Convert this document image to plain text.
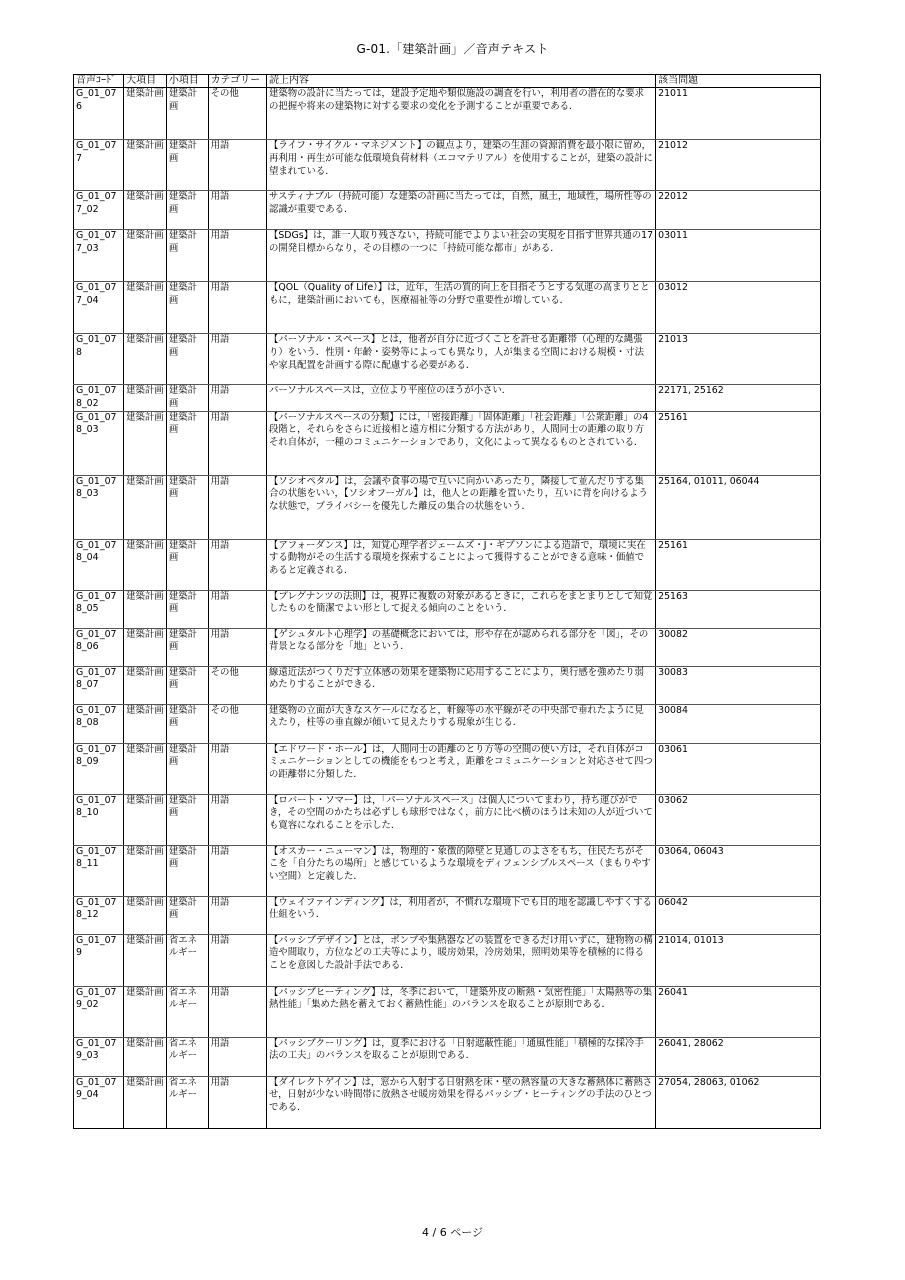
G-01.「建築計画」／音声テキスト
音声ｺｰﾄﾞ	大項目	小項目	カテゴリー	読上内容	該当問題
G_01_076	建築計画	建築計画	その他	建築物の設計に当たっては，建設予定地や類似施設の調査を行い，利用者の潜在的な要求の把握や将来の建築物に対する要求の変化を予測することが重要である．	21011
G_01_077	建築計画	建築計画	用語	【ライフ・サイクル・マネジメント】の観点より，建築の生涯の資源消費を最小限に留め，再利用・再生が可能な低環境負荷材料（エコマテリアル）を使用することが，建築の設計に望まれている．	21012
G_01_077_02	建築計画	建築計画	用語	サスティナブル（持続可能）な建築の計画に当たっては，自然，風土，地域性，場所性等の認識が重要である．	22012
G_01_077_03	建築計画	建築計画	用語	【SDGs】は，誰一人取り残さない，持続可能でよりよい社会の実現を目指す世界共通の17の開発目標からなり，その目標の一つに「持続可能な都市」がある．	03011
G_01_077_04	建築計画	建築計画	用語	【QOL（Quality of Life）】は，近年，生活の質的向上を目指そうとする気運の高まりとともに，建築計画においても，医療福祉等の分野で重要性が増している．	03012
G_01_078	建築計画	建築計画	用語	【パーソナル・スペース】とは，他者が自分に近づくことを許せる距離帯（心理的な縄張り）をいう．性別・年齢・姿勢等によっても異なり，人が集まる空間における規模・寸法や家具配置を計画する際に配慮する必要がある．	21013
G_01_078_02	建築計画	建築計画	用語	パーソナルスペースは，立位より平座位のほうが小さい．	22171, 25162
G_01_078_03	建築計画	建築計画	用語	【パーソナルスペースの分類】には，「密接距離」「固体距離」「社会距離」「公衆距離」の4段階と，それらをさらに近接相と遠方相に分類する方法があり，人間同士の距離の取り方それ自体が，一種のコミュニケーションであり，文化によって異なるものとされている．	25161
G_01_078_03	建築計画	建築計画	用語	【ソシオペタル】は，会議や食事の場で互いに向かいあったり，隣接して並んだりする集合の状態をいい，【ソシオフーガル】は，他人との距離を置いたり，互いに背を向けるような状態で，プライバシーを優先した離反の集合の状態をいう．	25164, 01011, 06044
G_01_078_04	建築計画	建築計画	用語	【アフォーダンス】は，知覚心理学者ジェームズ・J・ギブソンによる造語で，環境に実在する動物がその生活する環境を探索することによって獲得することができる意味・価値であると定義される．	25161
G_01_078_05	建築計画	建築計画	用語	【プレグナンツの法則】は，視界に複数の対象があるときに，これらをまとまりとして知覚したものを簡潔でよい形として捉える傾向のことをいう．	25163
G_01_078_06	建築計画	建築計画	用語	【ゲシュタルト心理学】の基礎概念においては，形や存在が認められる部分を「図」，その背景となる部分を「地」という．	30082
G_01_078_07	建築計画	建築計画	その他	線遠近法がつくりだす立体感の効果を建築物に応用することにより，奥行感を強めたり弱めたりすることができる．	30083
G_01_078_08	建築計画	建築計画	その他	建築物の立面が大きなスケールになると，軒線等の水平線がその中央部で垂れたように見えたり，柱等の垂直線が傾いて見えたりする現象が生じる．	30084
G_01_078_09	建築計画	建築計画	用語	【エドワード・ホール】は，人間同士の距離のとり方等の空間の使い方は，それ自体がコミュニケーションとしての機能をもつと考え，距離をコミュニケーションと対応させて四つの距離帯に分類した．	03061
G_01_078_10	建築計画	建築計画	用語	【ロバート・ソマー】は，「パーソナルスペース」は個人についてまわり，持ち運びができ，その空間のかたちは必ずしも球形ではなく，前方に比べ横のほうは未知の人が近づいても寛容になれることを示した．	03062
G_01_078_11	建築計画	建築計画	用語	【オスカー・ニューマン】は，物理的・象徴的障壁と見通しのよさをもち，住民たちがそこを「自分たちの場所」と感じているような環境をディフェンシブルスペース（まもりやすい空間）と定義した．	03064, 06043
G_01_078_12	建築計画	建築計画	用語	【ウェイファインディング】は，利用者が，不慣れな環境下でも目的地を認識しやすくする仕組をいう．	06042
G_01_079	建築計画	省エネルギー	用語	【パッシブデザイン】とは，ポンプや集熱器などの装置をできるだけ用いずに，建物物の構造や間取り，方位などの工夫等により，暖房効果，冷房効果，照明効果等を積極的に得ることを意図した設計手法である．	21014, 01013
G_01_079_02	建築計画	省エネルギー	用語	【パッシブヒーティング】は，冬季において，「建築外皮の断熱・気密性能」「太陽熱等の集熱性能」「集めた熱を蓄えておく蓄熱性能」のバランスを取ることが原則である．	26041
G_01_079_03	建築計画	省エネルギー	用語	【パッシブクーリング】は，夏季における「日射遮蔽性能」「通風性能」「積極的な採冷手法の工夫」のバランスを取ることが原則である．	26041, 28062
G_01_079_04	建築計画	省エネルギー	用語	【ダイレクトゲイン】は，窓から入射する日射熱を床・壁の熱容量の大きな蓄熱体に蓄熱させ，日射が少ない時間帯に放熱させ暖房効果を得るパッシブ・ヒーティングの手法のひとつである．	27054, 28063, 01062
4 / 6 ページ
